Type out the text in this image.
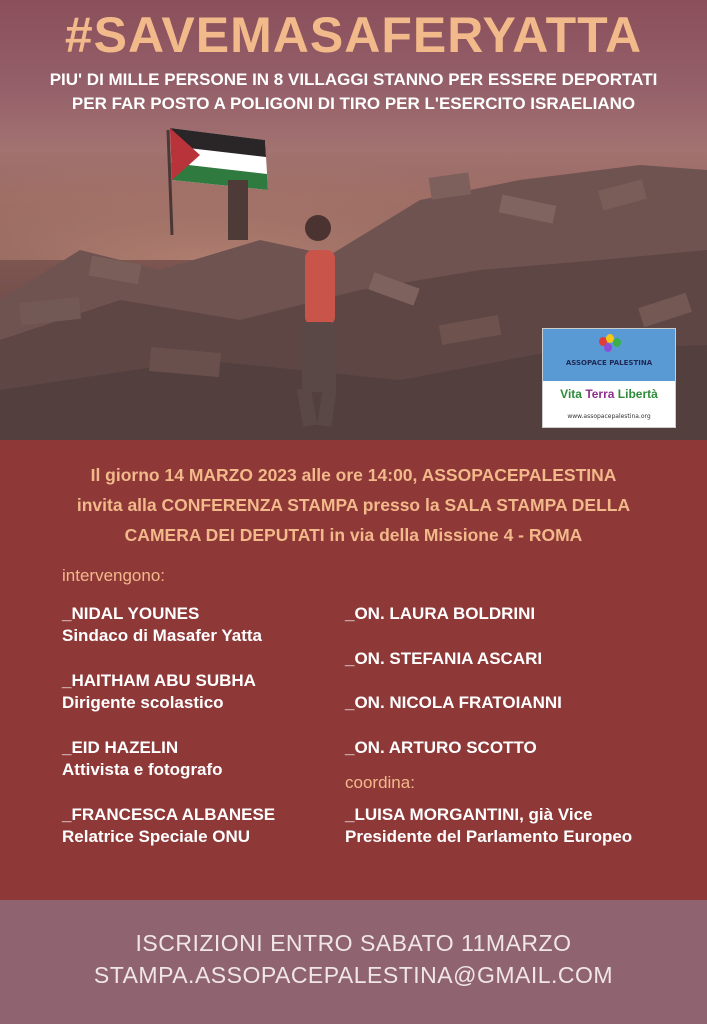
#SAVEMASAFERYATTA
PIU' DI MILLE PERSONE IN 8 VILLAGGI STANNO PER ESSERE DEPORTATI
PER FAR POSTO A POLIGONI DI TIRO PER L'ESERCITO ISRAELIANO
ASSOPACE PALESTINA
Vita Terra Libertà
www.assopacepalestina.org
Il giorno 14 MARZO 2023 alle ore 14:00, ASSOPACEPALESTINA
invita alla CONFERENZA STAMPA presso la SALA STAMPA DELLA
CAMERA DEI DEPUTATI in via della Missione 4 - ROMA
intervengono:
_NIDAL YOUNES
Sindaco di Masafer Yatta
_HAITHAM ABU SUBHA
Dirigente scolastico
_EID HAZELIN
Attivista e fotografo
_FRANCESCA ALBANESE
Relatrice Speciale ONU
_ON. LAURA BOLDRINI
_ON. STEFANIA ASCARI
_ON. NICOLA FRATOIANNI
_ON. ARTURO SCOTTO
coordina:
_LUISA MORGANTINI, già Vice
Presidente del Parlamento Europeo
ISCRIZIONI ENTRO SABATO 11MARZO
STAMPA.ASSOPACEPALESTINA@GMAIL.COM
